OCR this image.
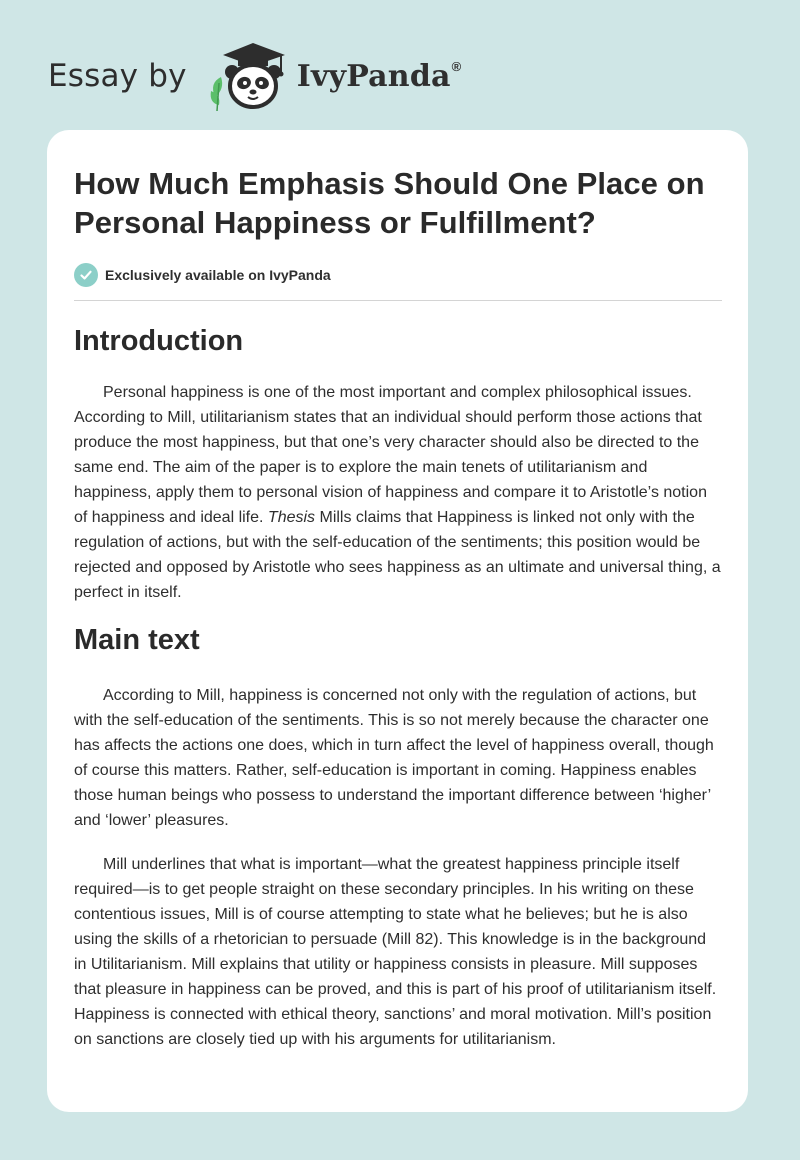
Essay by	IvyPanda®
How Much Emphasis Should One Place on Personal Happiness or Fulfillment?
Exclusively available on IvyPanda
Introduction

Personal happiness is one of the most important and complex philosophical issues. According to Mill, utilitarianism states that an individual should perform those actions that produce the most happiness, but that one’s very character should also be directed to the same end. The aim of the paper is to explore the main tenets of utilitarianism and happiness, apply them to personal vision of happiness and compare it to Aristotle’s notion of happiness and ideal life. Thesis Mills claims that Happiness is linked not only with the regulation of actions, but with the self-education of the sentiments; this position would be rejected and opposed by Aristotle who sees happiness as an ultimate and universal thing, a perfect in itself.

Main text

According to Mill, happiness is concerned not only with the regulation of actions, but with the self-education of the sentiments. This is so not merely because the character one has affects the actions one does, which in turn affect the level of happiness overall, though of course this matters. Rather, self-education is important in coming. Happiness enables those human beings who possess to understand the important difference between ‘higher’ and ‘lower’ pleasures.

Mill underlines that what is important—what the greatest happiness principle itself required—is to get people straight on these secondary principles. In his writing on these contentious issues, Mill is of course attempting to state what he believes; but he is also using the skills of a rhetorician to persuade (Mill 82). This knowledge is in the background in Utilitarianism. Mill explains that utility or happiness consists in pleasure. Mill supposes that pleasure in happiness can be proved, and this is part of his proof of utilitarianism itself. Happiness is connected with ethical theory, sanctions’ and moral motivation. Mill’s position on sanctions are closely tied up with his arguments for utilitarianism.
